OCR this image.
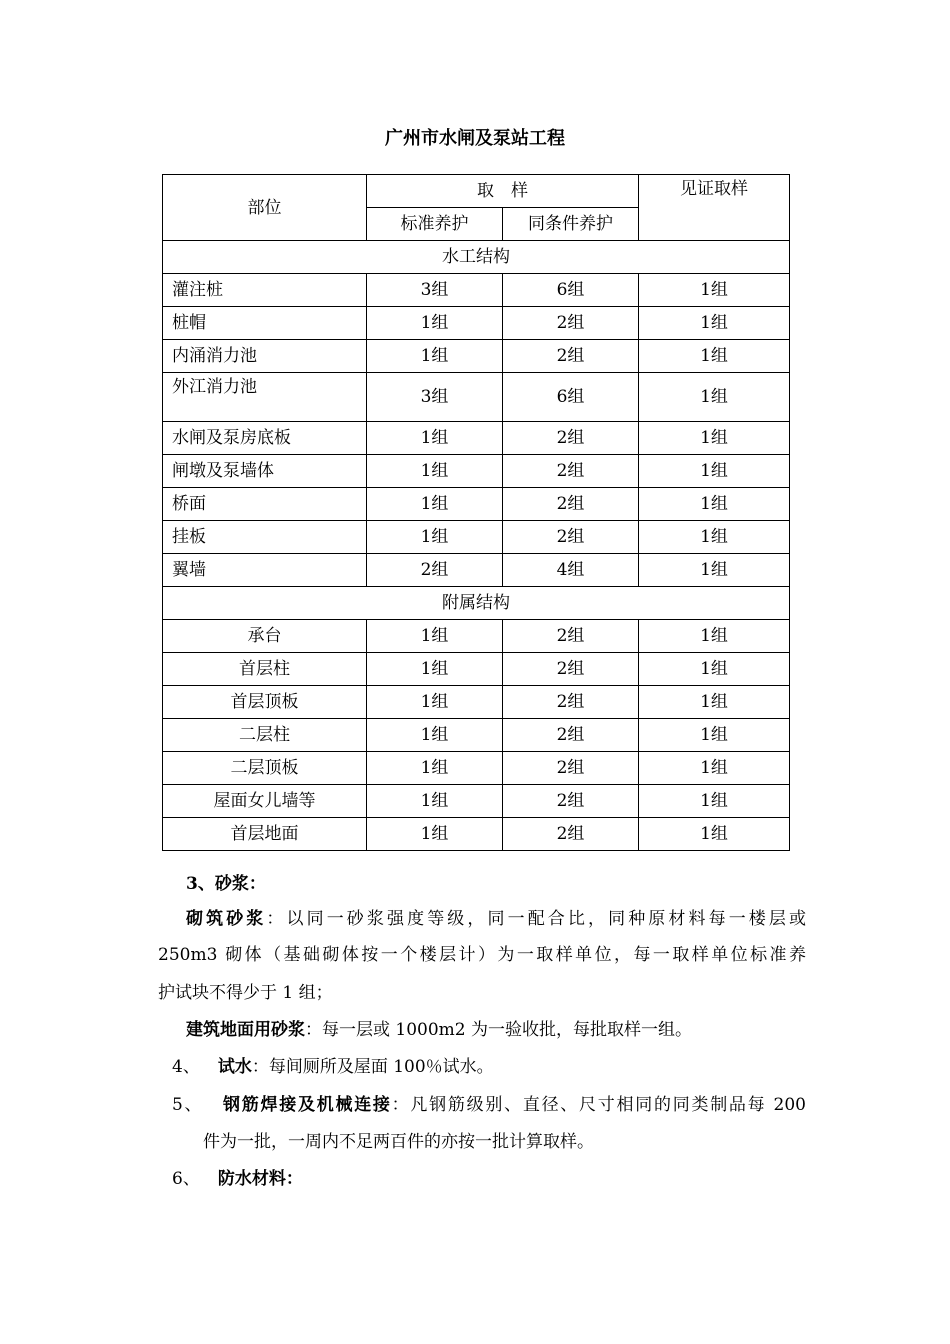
广州市水闸及泵站工程
部位	取　样		见证取样
	标准养护	同条件养护	
水工结构			
灌注桩	3组	6组	1组
桩帽	1组	2组	1组
内涌消力池	1组	2组	1组
外江消力池	3组	6组	1组
水闸及泵房底板	1组	2组	1组
闸墩及泵墙体	1组	2组	1组
桥面	1组	2组	1组
挂板	1组	2组	1组
翼墙	2组	4组	1组
附属结构			
承台	1组	2组	1组
首层柱	1组	2组	1组
首层顶板	1组	2组	1组
二层柱	1组	2组	1组
二层顶板	1组	2组	1组
屋面女儿墙等	1组	2组	1组
首层地面	1组	2组	1组
3、砂浆：
砌筑砂浆：以同一砂浆强度等级，同一配合比，同种原材料每一楼层或
250m3 砌体（基础砌体按一个楼层计）为一取样单位，每一取样单位标准养
护试块不得少于 1 组；
建筑地面用砂浆：每一层或 1000m2 为一验收批，每批取样一组。
4、 试水：每间厕所及屋面 100％试水。
5、 钢筋焊接及机械连接：凡钢筋级别、直径、尺寸相同的同类制品每 200
件为一批，一周内不足两百件的亦按一批计算取样。
6、 防水材料：
